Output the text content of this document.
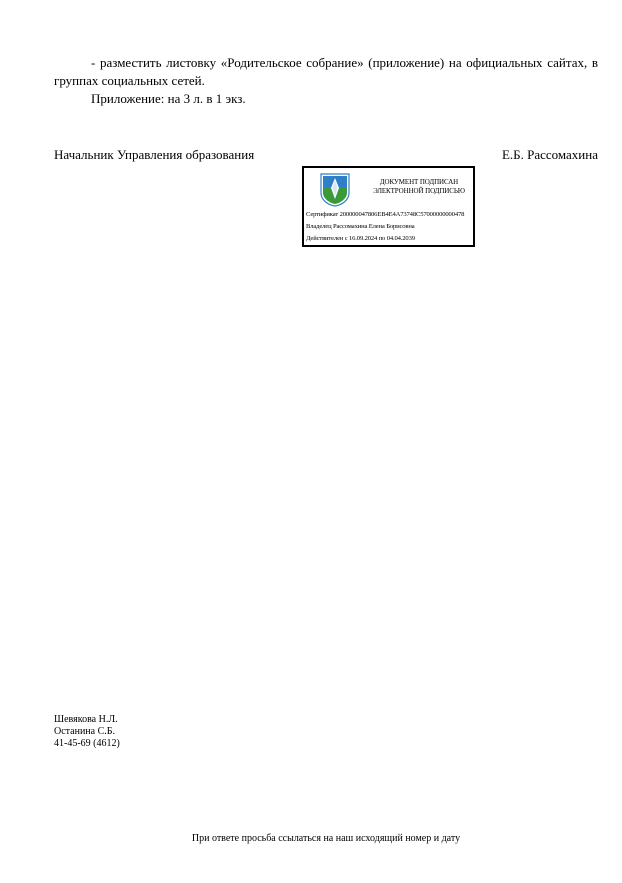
- разместить листовку «Родительское собрание» (приложение) на официальных сайтах, в группах социальных сетей.
Приложение: на 3 л. в 1 экз.
Начальник Управления образования	Е.Б. Рассомахина
ДОКУМЕНТ ПОДПИСАН
ЭЛЕКТРОННОЙ ПОДПИСЬЮ
Сертификат 200000047806EB4E4A73748C57000000000478
Владелец Рассомахина Елена Борисовна
Действителен с 16.09.2024 по 04.04.2039
Шевякова Н.Л.
Останина С.Б.
41-45-69 (4612)
При ответе просьба ссылаться на наш исходящий номер и дату
